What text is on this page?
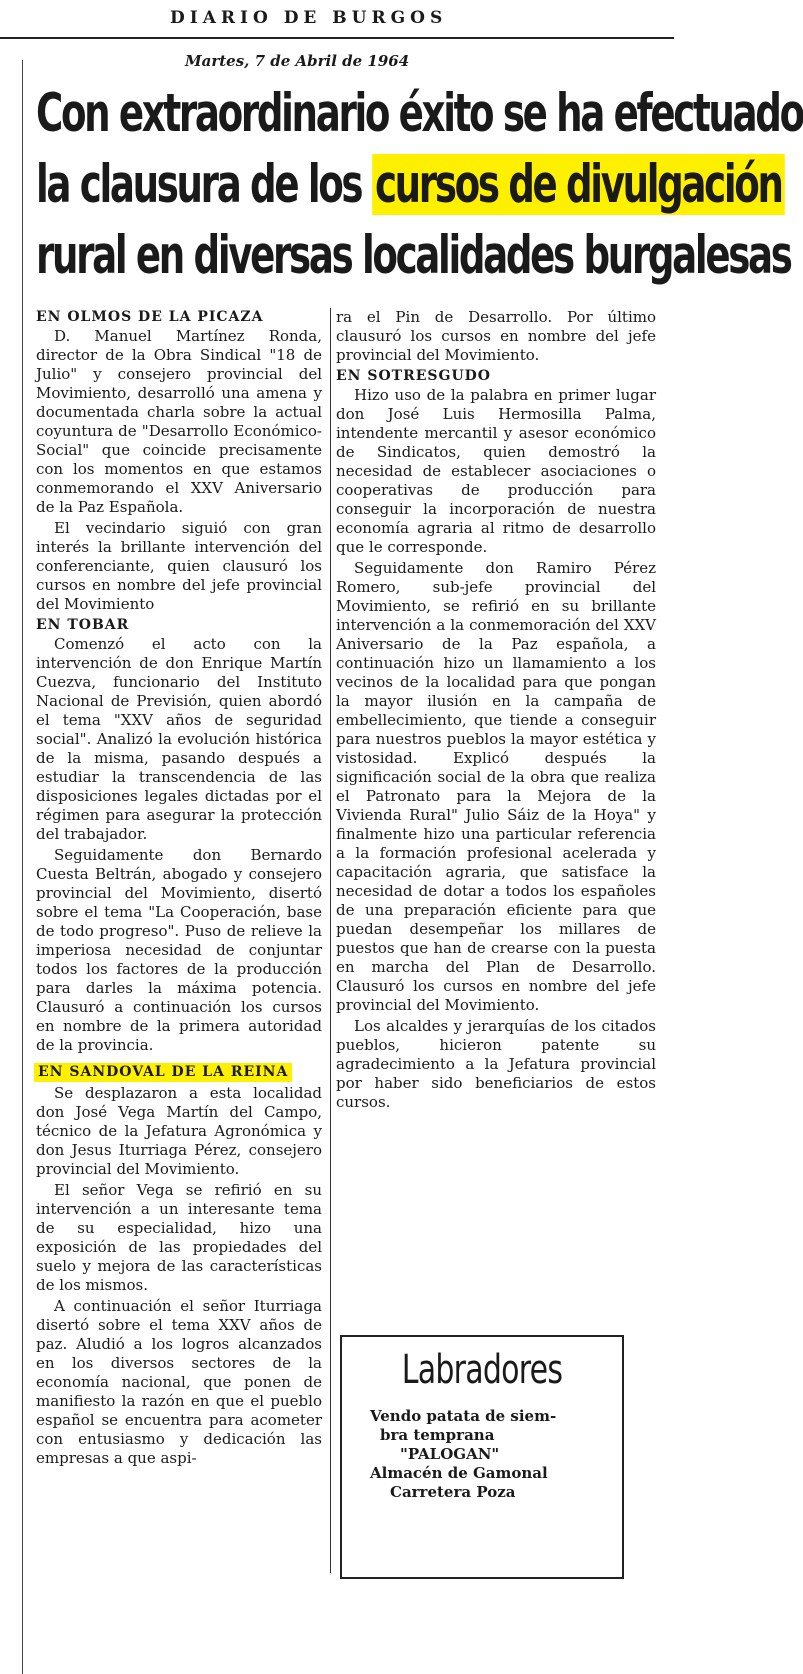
DIARIO DE BURGOS
Martes, 7 de Abril de 1964
Con extraordinario éxito se ha efectuado
la clausura de los cursos de divulgación
rural en diversas localidades burgalesas
EN OLMOS DE LA PICAZA

D. Manuel Martínez Ronda, director de la Obra Sindical "18 de Julio" y consejero provincial del Movimiento, desarrolló una amena y documentada charla sobre la actual coyuntura de "Desarrollo Económico-Social" que coincide precisamente con los momentos en que estamos conmemorando el XXV Aniversario de la Paz Española.

El vecindario siguió con gran interés la brillante intervención del conferenciante, quien clausuró los cursos en nombre del jefe provincial del Movimiento

EN TOBAR

Comenzó el acto con la intervención de don Enrique Martín Cuezva, funcionario del Instituto Nacional de Previsión, quien abordó el tema "XXV años de seguridad social". Analizó la evolución histórica de la misma, pasando después a estudiar la transcendencia de las disposiciones legales dictadas por el régimen para asegurar la protección del trabajador.

Seguidamente don Bernardo Cuesta Beltrán, abogado y consejero provincial del Movimiento, disertó sobre el tema "La Cooperación, base de todo progreso". Puso de relieve la imperiosa necesidad de conjuntar todos los factores de la producción para darles la máxima potencia. Clausuró a continuación los cursos en nombre de la primera autoridad de la provincia.

EN SANDOVAL DE LA REINA

Se desplazaron a esta localidad don José Vega Martín del Campo, técnico de la Jefatura Agronómica y don Jesus Iturriaga Pérez, consejero provincial del Movimiento.

El señor Vega se refirió en su intervención a un interesante tema de su especialidad, hizo una exposición de las propiedades del suelo y mejora de las características de los mismos.

A continuación el señor Iturriaga disertó sobre el tema XXV años de paz. Aludió a los logros alcanzados en los diversos sectores de la economía nacional, que ponen de manifiesto la razón en que el pueblo español se encuentra para acometer con entusiasmo y dedicación las empresas a que aspi-

ra el Pin de Desarrollo. Por último clausuró los cursos en nombre del jefe provincial del Movimiento.

EN SOTRESGUDO

Hizo uso de la palabra en primer lugar don José Luis Hermosilla Palma, intendente mercantil y asesor económico de Sindicatos, quien demostró la necesidad de establecer asociaciones o cooperativas de producción para conseguir la incorporación de nuestra economía agraria al ritmo de desarrollo que le corresponde.

Seguidamente don Ramiro Pérez Romero, sub-jefe provincial del Movimiento, se refirió en su brillante intervención a la conmemoración del XXV Aniversario de la Paz española, a continuación hizo un llamamiento a los vecinos de la localidad para que pongan la mayor ilusión en la campaña de embellecimiento, que tiende a conseguir para nuestros pueblos la mayor estética y vistosidad. Explicó después la significación social de la obra que realiza el Patronato para la Mejora de la Vivienda Rural" Julio Sáiz de la Hoya" y finalmente hizo una particular referencia a la formación profesional acelerada y capacitación agraria, que satisface la necesidad de dotar a todos los españoles de una preparación eficiente para que puedan desempeñar los millares de puestos que han de crearse con la puesta en marcha del Plan de Desarrollo. Clausuró los cursos en nombre del jefe provincial del Movimiento.

Los alcaldes y jerarquías de los citados pueblos, hicieron patente su agradecimiento a la Jefatura provincial por haber sido beneficiarios de estos cursos.

Labradores
Vendo patata de siem-
bra temprana
"PALOGAN"
Almacén de Gamonal
Carretera Poza
